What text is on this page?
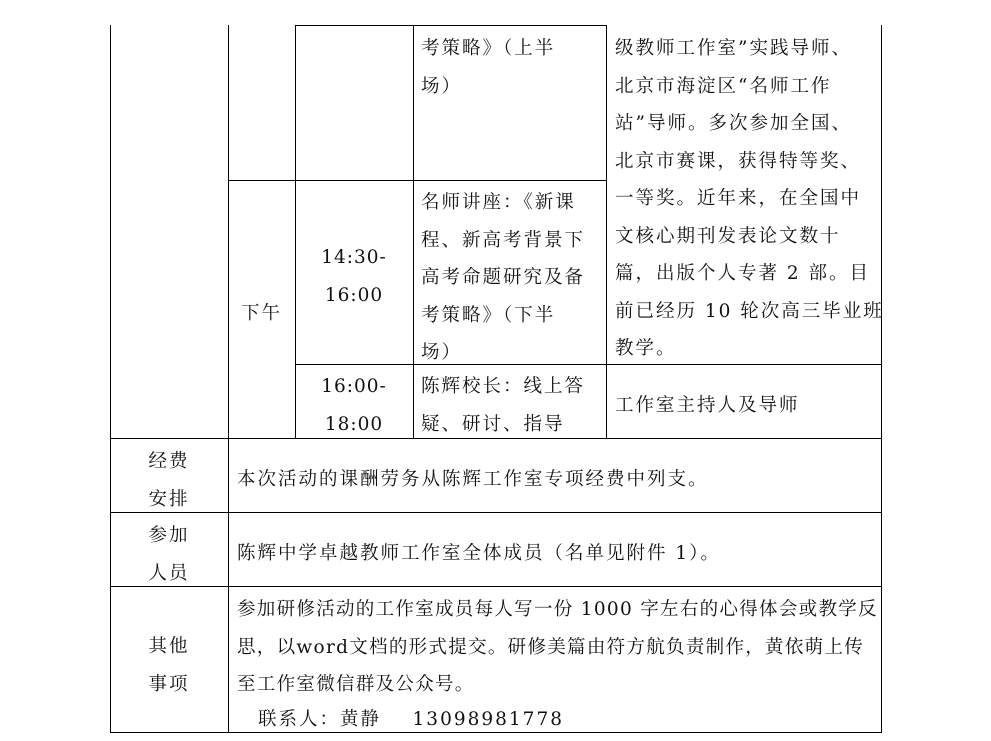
考策略》（上半
场）

级教师工作室”实践导师、
北京市海淀区“名师工作
站”导师。多次参加全国、
北京市赛课，获得特等奖、
一等奖。近年来，在全国中
文核心期刊发表论文数十
篇，出版个人专著 2 部。目
前已经历 10 轮次高三毕业班
教学。

下午

14:30-
16:00

名师讲座：《新课
程、新高考背景下
高考命题研究及备
考策略》（下半
场）

16:00-
18:00

陈辉校长：线上答
疑、研讨、指导

工作室主持人及导师

经费
安排

本次活动的课酬劳务从陈辉工作室专项经费中列支。

参加
人员

陈辉中学卓越教师工作室全体成员（名单见附件 1）。

其他
事项

参加研修活动的工作室成员每人写一份 1000 字左右的心得体会或教学反
思，以word文档的形式提交。研修美篇由符方航负责制作，黄依萌上传
至工作室微信群及公众号。

联系人：黄静    13098981778
